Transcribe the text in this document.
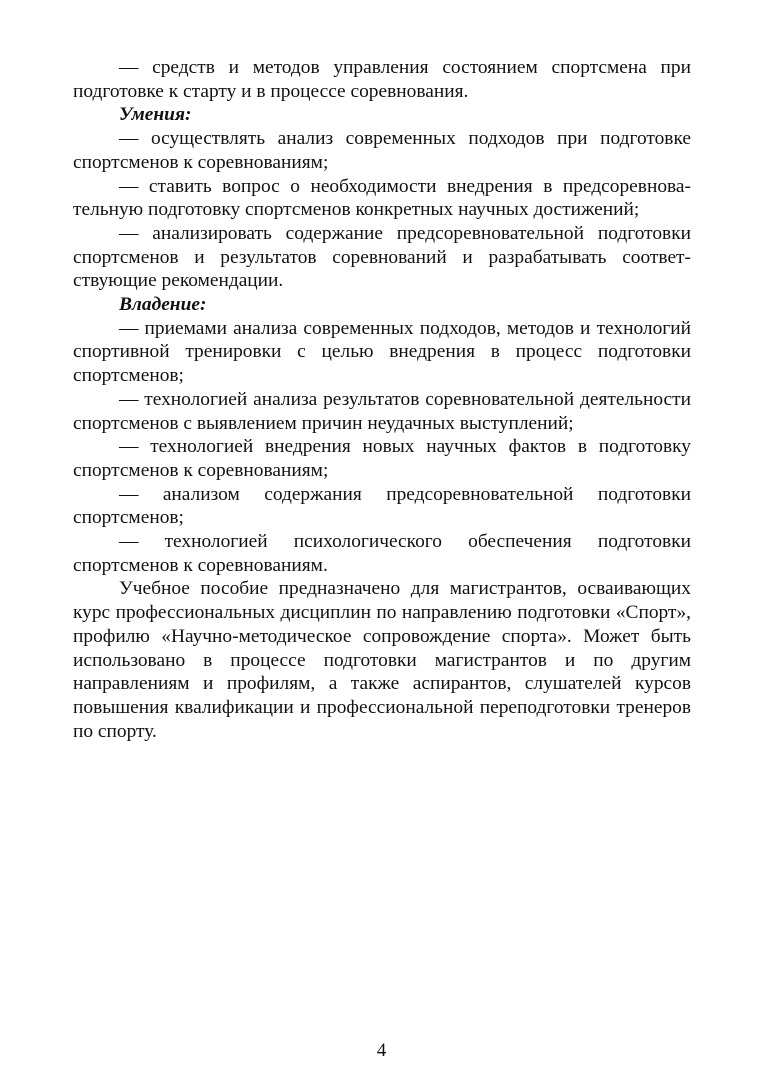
— средств и методов управления состоянием спортсмена при подготовке к старту и в процессе соревнования.

Умения:

— осуществлять анализ современных подходов при подготовке спортсменов к соревнованиям;

— ставить вопрос о необходимости внедрения в предсоревновательную подготовку спортсменов конкретных научных достижений;

— анализировать содержание предсоревновательной подготовки спортсменов и результатов соревнований и разрабатывать соответствующие рекомендации.

Владение:

— приемами анализа современных подходов, методов и технологий спортивной тренировки с целью внедрения в процесс подготовки спортсменов;

— технологией анализа результатов соревновательной деятельности спортсменов с выявлением причин неудачных выступлений;

— технологией внедрения новых научных фактов в подготовку спортсменов к соревнованиям;

— анализом содержания предсоревновательной подготовки спортсменов;

— технологией психологического обеспечения подготовки спортсменов к соревнованиям.

Учебное пособие предназначено для магистрантов, осваивающих курс профессиональных дисциплин по направлению подготовки «Спорт», профилю «Научно-методическое сопровождение спорта». Может быть использовано в процессе подготовки магистрантов и по другим направлениям и профилям, а также аспирантов, слушателей курсов повышения квалификации и профессиональной переподготовки тренеров по спорту.

4
